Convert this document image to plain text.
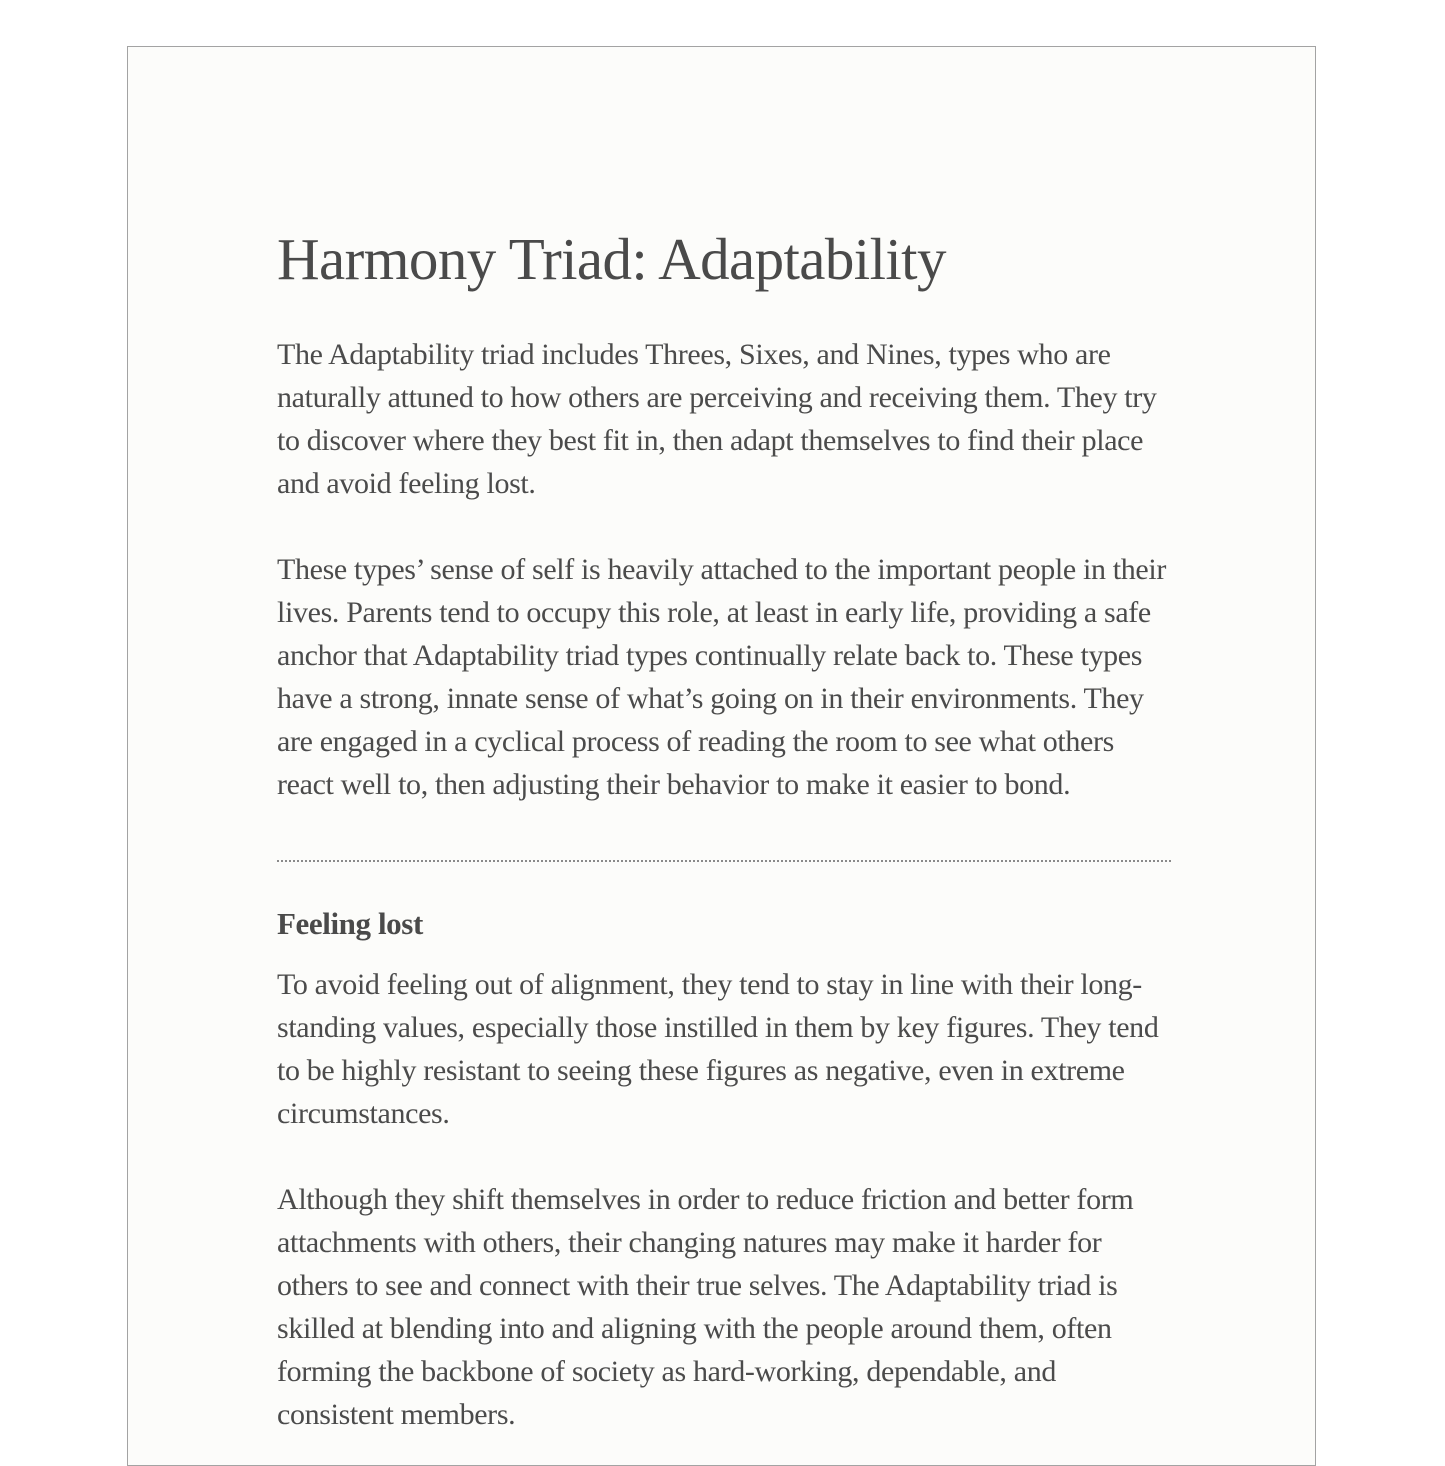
Harmony Triad: Adaptability

The Adaptability triad includes Threes, Sixes, and Nines, types who are naturally attuned to how others are perceiving and receiving them. They try to discover where they best fit in, then adapt themselves to find their place and avoid feeling lost.

These types’ sense of self is heavily attached to the important people in their lives. Parents tend to occupy this role, at least in early life, providing a safe anchor that Adaptability triad types continually relate back to. These types have a strong, innate sense of what’s going on in their environments. They are engaged in a cyclical process of reading the room to see what others react well to, then adjusting their behavior to make it easier to bond.

Feeling lost

To avoid feeling out of alignment, they tend to stay in line with their long-standing values, especially those instilled in them by key figures. They tend to be highly resistant to seeing these figures as negative, even in extreme circumstances.

Although they shift themselves in order to reduce friction and better form attachments with others, their changing natures may make it harder for others to see and connect with their true selves. The Adaptability triad is skilled at blending into and aligning with the people around them, often forming the backbone of society as hard-working, dependable, and consistent members.
